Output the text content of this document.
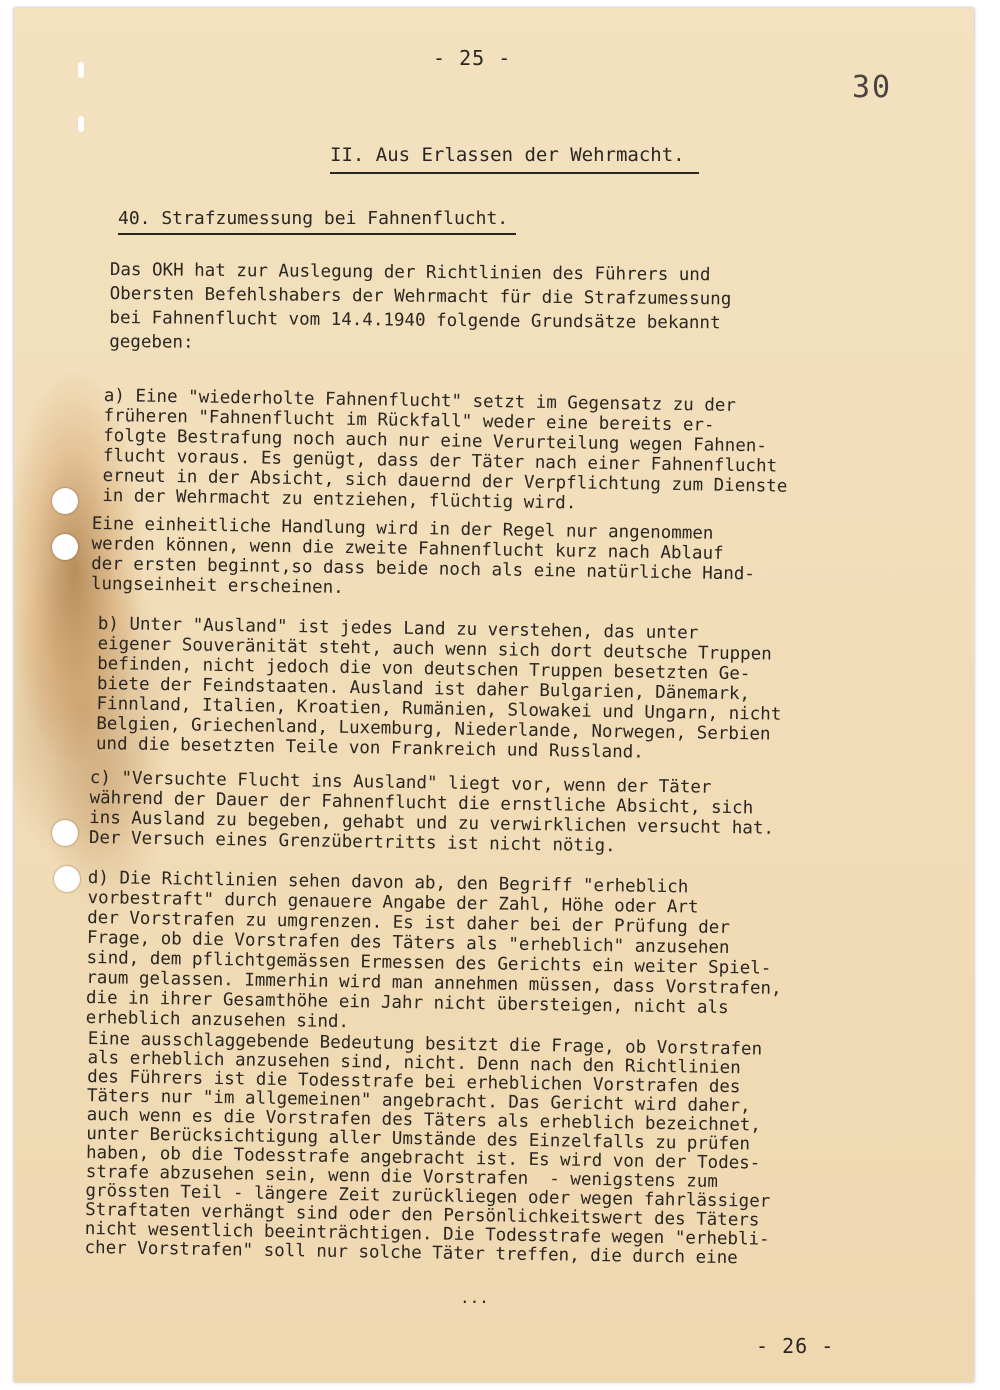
- 25 -
30
II. Aus Erlassen der Wehrmacht.
40. Strafzumessung bei Fahnenflucht.
Das OKH hat zur Auslegung der Richtlinien des Führers und
Obersten Befehlshabers der Wehrmacht für die Strafzumessung
bei Fahnenflucht vom 14.4.1940 folgende Grundsätze bekannt
gegeben:
a) Eine "wiederholte Fahnenflucht" setzt im Gegensatz zu der
früheren "Fahnenflucht im Rückfall" weder eine bereits er-
folgte Bestrafung noch auch nur eine Verurteilung wegen Fahnen-
flucht voraus. Es genügt, dass der Täter nach einer Fahnenflucht
erneut in der Absicht, sich dauernd der Verpflichtung zum Dienste
in der Wehrmacht zu entziehen, flüchtig wird.
Eine einheitliche Handlung wird in der Regel nur angenommen
werden können, wenn die zweite Fahnenflucht kurz nach Ablauf
der ersten beginnt,so dass beide noch als eine natürliche Hand-
lungseinheit erscheinen.
b) Unter "Ausland" ist jedes Land zu verstehen, das unter
eigener Souveränität steht, auch wenn sich dort deutsche Truppen
befinden, nicht jedoch die von deutschen Truppen besetzten Ge-
biete der Feindstaaten. Ausland ist daher Bulgarien, Dänemark,
Finnland, Italien, Kroatien, Rumänien, Slowakei und Ungarn, nicht
Belgien, Griechenland, Luxemburg, Niederlande, Norwegen, Serbien
und die besetzten Teile von Frankreich und Russland.
c) "Versuchte Flucht ins Ausland" liegt vor, wenn der Täter
während der Dauer der Fahnenflucht die ernstliche Absicht, sich
ins Ausland zu begeben, gehabt und zu verwirklichen versucht hat.
Der Versuch eines Grenzübertritts ist nicht nötig.
d) Die Richtlinien sehen davon ab, den Begriff "erheblich
vorbestraft" durch genauere Angabe der Zahl, Höhe oder Art
der Vorstrafen zu umgrenzen. Es ist daher bei der Prüfung der
Frage, ob die Vorstrafen des Täters als "erheblich" anzusehen
sind, dem pflichtgemässen Ermessen des Gerichts ein weiter Spiel-
raum gelassen. Immerhin wird man annehmen müssen, dass Vorstrafen,
die in ihrer Gesamthöhe ein Jahr nicht übersteigen, nicht als
erheblich anzusehen sind.
Eine ausschlaggebende Bedeutung besitzt die Frage, ob Vorstrafen
als erheblich anzusehen sind, nicht. Denn nach den Richtlinien
des Führers ist die Todesstrafe bei erheblichen Vorstrafen des
Täters nur "im allgemeinen" angebracht. Das Gericht wird daher,
auch wenn es die Vorstrafen des Täters als erheblich bezeichnet,
unter Berücksichtigung aller Umstände des Einzelfalls zu prüfen
haben, ob die Todesstrafe angebracht ist. Es wird von der Todes-
strafe abzusehen sein, wenn die Vorstrafen  - wenigstens zum
grössten Teil - längere Zeit zurückliegen oder wegen fahrlässiger
Straftaten verhängt sind oder den Persönlichkeitswert des Täters
nicht wesentlich beeinträchtigen. Die Todesstrafe wegen "erhebli-
cher Vorstrafen" soll nur solche Täter treffen, die durch eine
...
- 26 -
